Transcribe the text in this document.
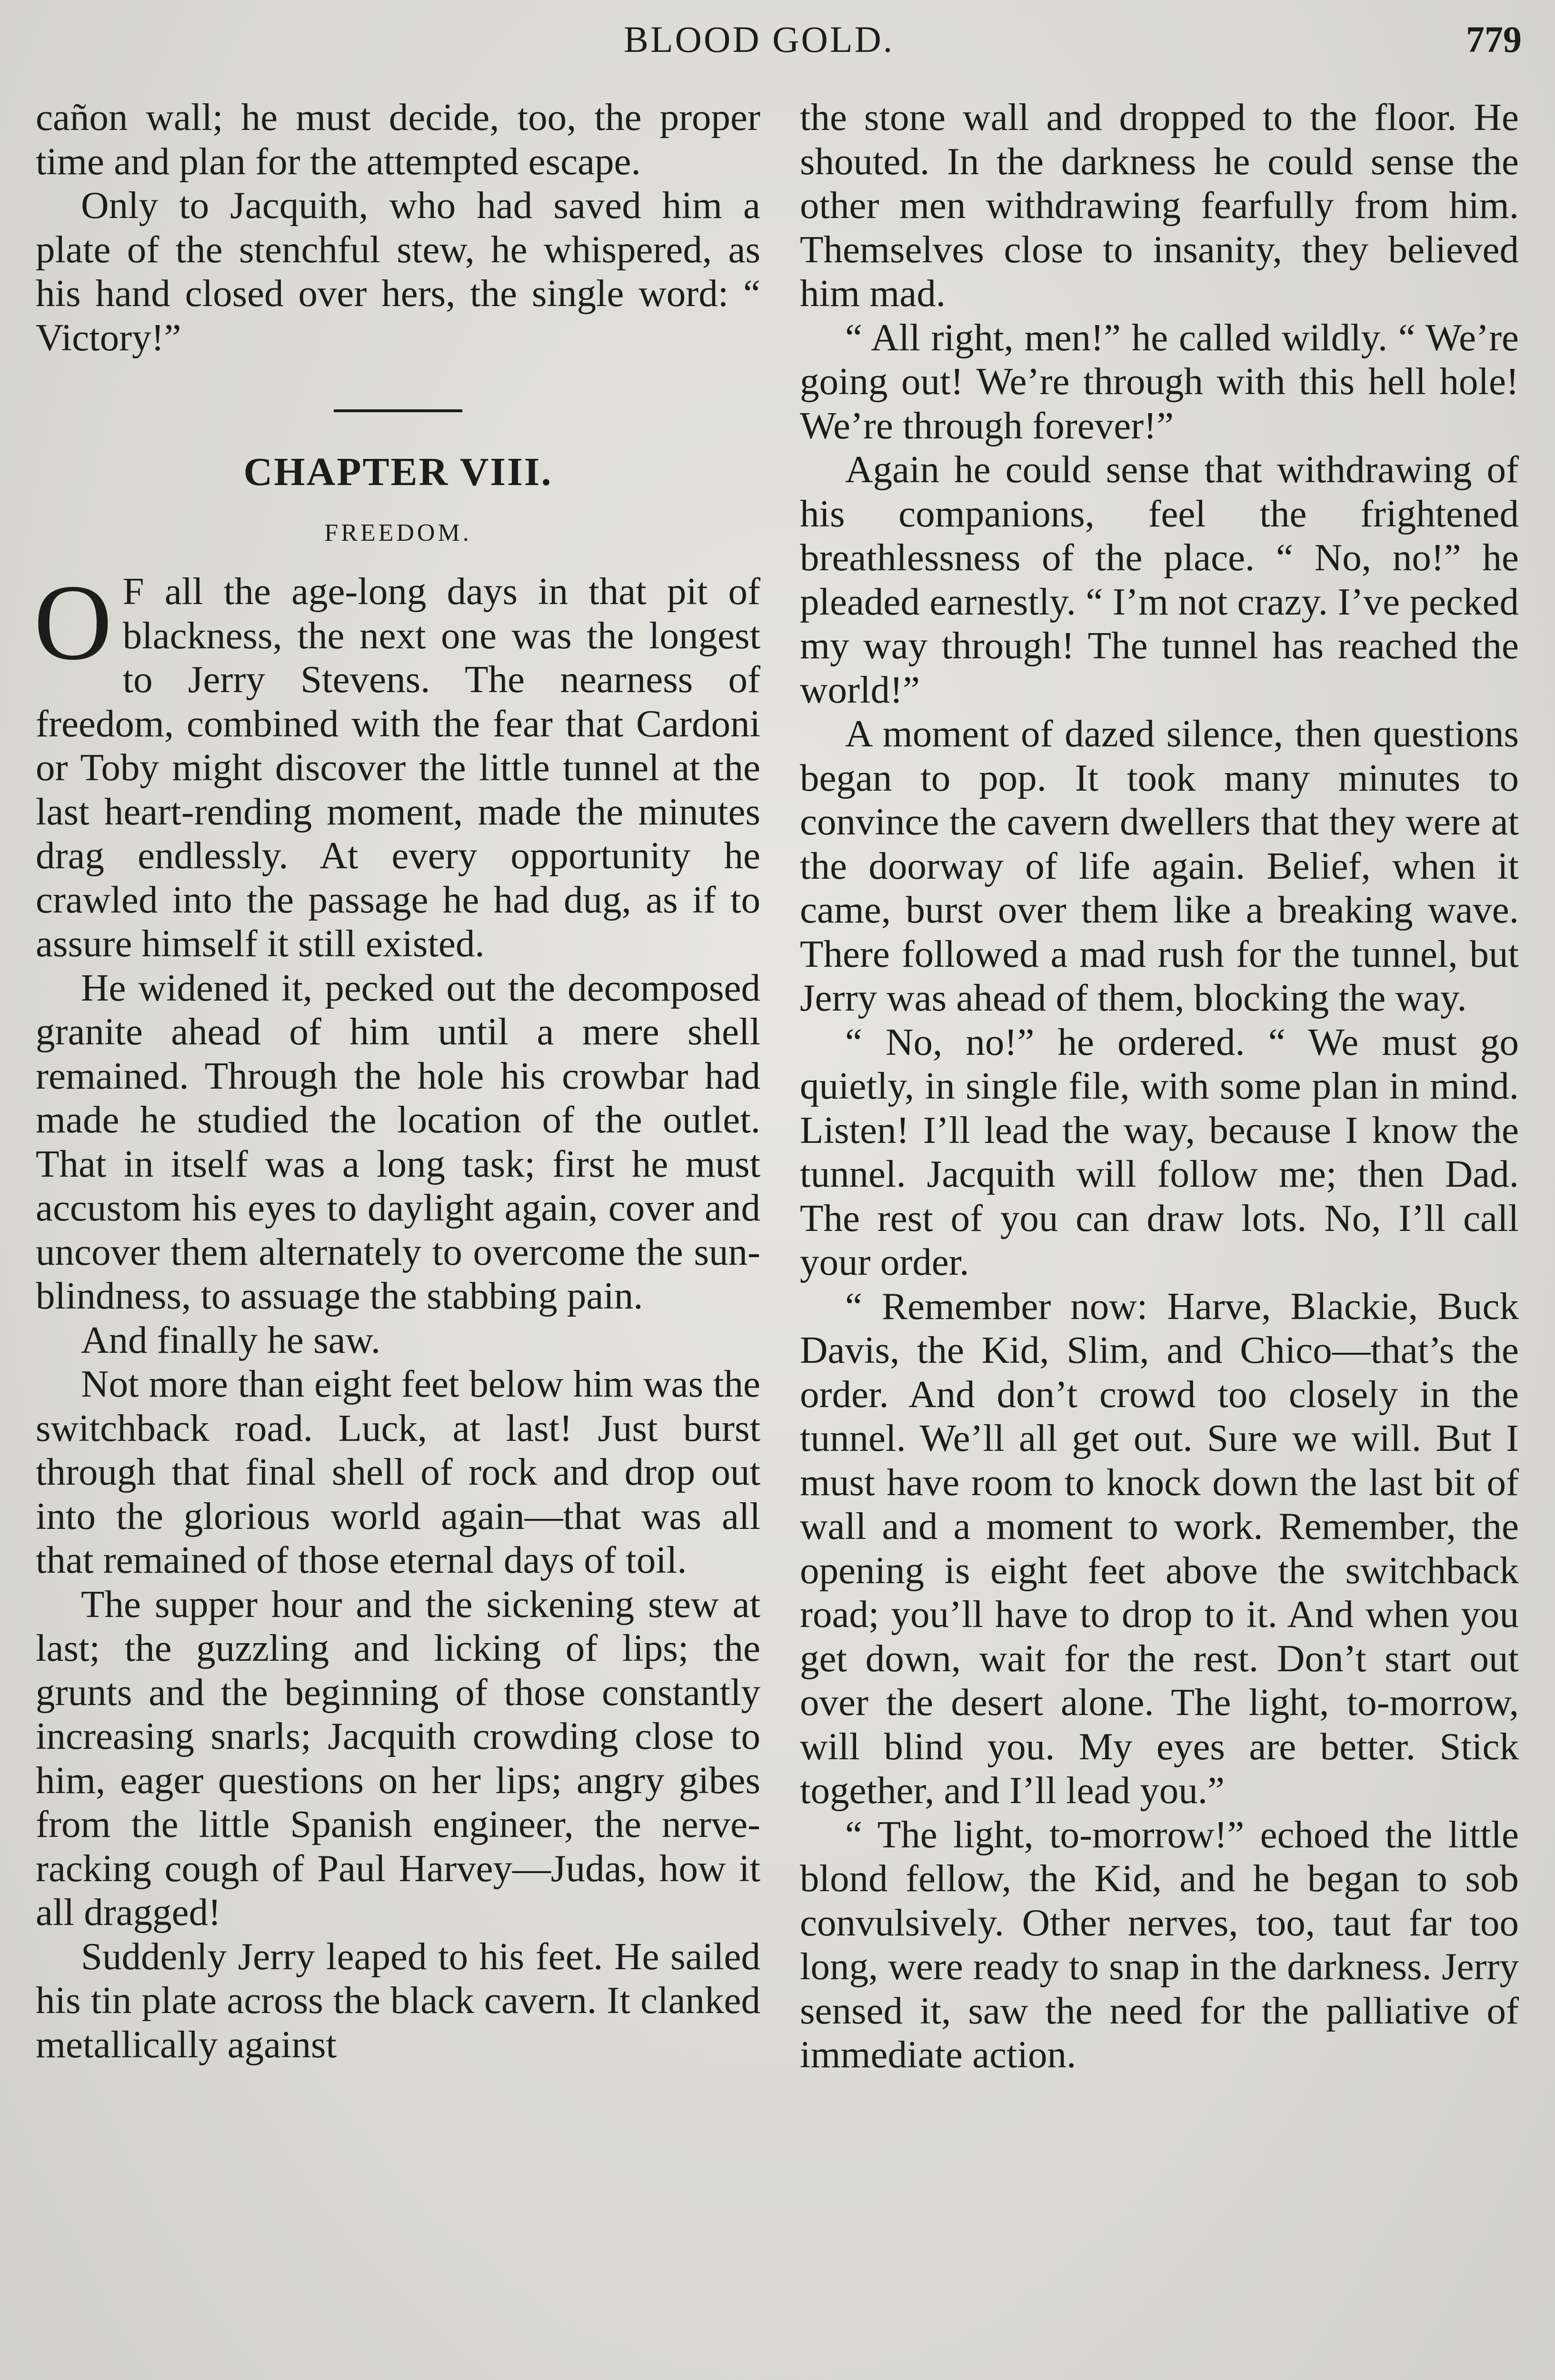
BLOOD GOLD.	779

cañon wall; he must decide, too, the proper time and plan for the attempted escape.

Only to Jacquith, who had saved him a plate of the stenchful stew, he whispered, as his hand closed over hers, the single word: “ Victory!”

CHAPTER VIII.
FREEDOM.

O F all the age-long days in that pit of blackness, the next one was the longest to Jerry Stevens. The nearness of freedom, combined with the fear that Cardoni or Toby might discover the little tunnel at the last heart-rending moment, made the minutes drag endlessly. At every opportunity he crawled into the passage he had dug, as if to assure himself it still existed.

He widened it, pecked out the decomposed granite ahead of him until a mere shell remained. Through the hole his crowbar had made he studied the location of the outlet. That in itself was a long task; first he must accustom his eyes to daylight again, cover and uncover them alternately to overcome the sun-blindness, to assuage the stabbing pain.

And finally he saw.

Not more than eight feet below him was the switchback road. Luck, at last! Just burst through that final shell of rock and drop out into the glorious world again—that was all that remained of those eternal days of toil.

The supper hour and the sickening stew at last; the guzzling and licking of lips; the grunts and the beginning of those constantly increasing snarls; Jacquith crowding close to him, eager questions on her lips; angry gibes from the little Spanish engineer, the nerve-racking cough of Paul Harvey—Judas, how it all dragged!

Suddenly Jerry leaped to his feet. He sailed his tin plate across the black cavern. It clanked metallically against

the stone wall and dropped to the floor. He shouted. In the darkness he could sense the other men withdrawing fearfully from him. Themselves close to insanity, they believed him mad.

“ All right, men!” he called wildly. “ We’re going out! We’re through with this hell hole! We’re through forever!”

Again he could sense that withdrawing of his companions, feel the frightened breathlessness of the place. “ No, no!” he pleaded earnestly. “ I’m not crazy. I’ve pecked my way through! The tunnel has reached the world!”

A moment of dazed silence, then questions began to pop. It took many minutes to convince the cavern dwellers that they were at the doorway of life again. Belief, when it came, burst over them like a breaking wave. There followed a mad rush for the tunnel, but Jerry was ahead of them, blocking the way.

“ No, no!” he ordered. “ We must go quietly, in single file, with some plan in mind. Listen! I’ll lead the way, because I know the tunnel. Jacquith will follow me; then Dad. The rest of you can draw lots. No, I’ll call your order.

“ Remember now: Harve, Blackie, Buck Davis, the Kid, Slim, and Chico—that’s the order. And don’t crowd too closely in the tunnel. We’ll all get out. Sure we will. But I must have room to knock down the last bit of wall and a moment to work. Remember, the opening is eight feet above the switchback road; you’ll have to drop to it. And when you get down, wait for the rest. Don’t start out over the desert alone. The light, to-morrow, will blind you. My eyes are better. Stick together, and I’ll lead you.”

“ The light, to-morrow!” echoed the little blond fellow, the Kid, and he began to sob convulsively. Other nerves, too, taut far too long, were ready to snap in the darkness. Jerry sensed it, saw the need for the palliative of immediate action.
